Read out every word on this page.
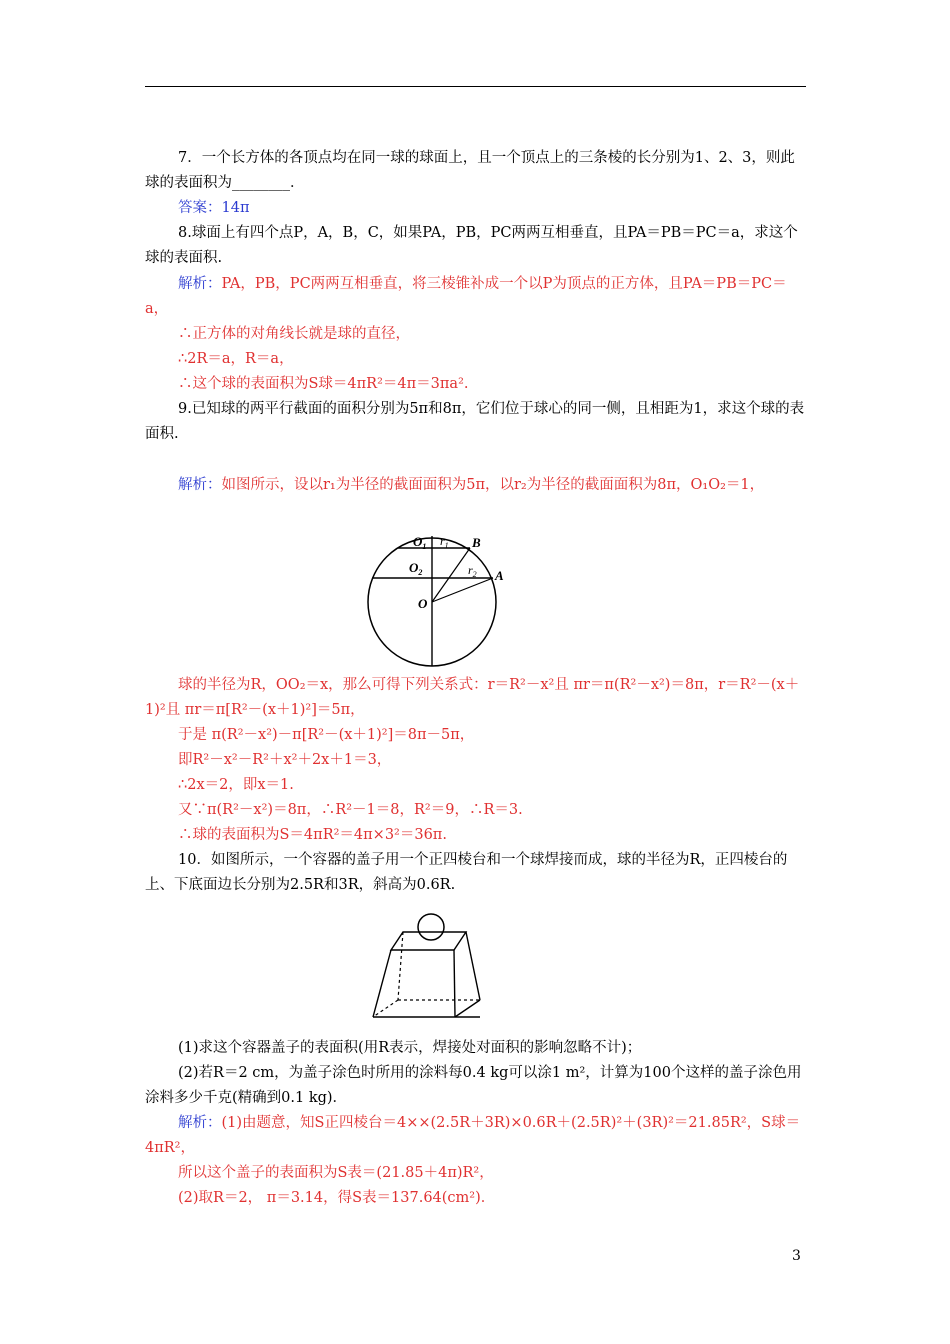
7．一个长方体的各顶点均在同一球的球面上，且一个顶点上的三条棱的长分别为1、2、3，则此球的表面积为________．

答案：14π

8.球面上有四个点P，A，B，C，如果PA，PB，PC两两互相垂直，且PA＝PB＝PC＝a，求这个球的表面积.

解析：PA，PB，PC两两互相垂直，将三棱锥补成一个以P为顶点的正方体，且PA＝PB＝PC＝a，

∴正方体的对角线长就是球的直径，

∴2R＝a，R＝a，

∴这个球的表面积为S球＝4πR²＝4π＝3πa².

9.已知球的两平行截面的面积分别为5π和8π，它们位于球心的同一侧，且相距为1，求这个球的表面积.

解析：如图所示，设以r₁为半径的截面面积为5π，以r₂为半径的截面面积为8π，O₁O₂＝1，

$O_1$ $r_1$ B
$O_2$	$r_2$ A
O

球的半径为R，OO₂＝x，那么可得下列关系式：r＝R²－x²且 πr＝π(R²－x²)＝8π，r＝R²－(x＋1)²且 πr＝π[R²－(x＋1)²]＝5π，

于是 π(R²－x²)－π[R²－(x＋1)²]＝8π－5π，

即R²－x²－R²＋x²＋2x＋1＝3，

∴2x＝2，即x＝1.

又∵π(R²－x²)＝8π，∴R²－1＝8，R²＝9，∴R＝3.

∴球的表面积为S＝4πR²＝4π×3²＝36π.

10．如图所示，一个容器的盖子用一个正四棱台和一个球焊接而成，球的半径为R，正四棱台的上、下底面边长分别为2.5R和3R，斜高为0.6R.

(1)求这个容器盖子的表面积(用R表示，焊接处对面积的影响忽略不计)；

(2)若R＝2 cm，为盖子涂色时所用的涂料每0.4 kg可以涂1 m²，计算为100个这样的盖子涂色用涂料多少千克(精确到0.1 kg)．

解析：(1)由题意，知S正四棱台＝4××(2.5R＋3R)×0.6R＋(2.5R)²＋(3R)²＝21.85R²，S球＝4πR²，

所以这个盖子的表面积为S表＝(21.85＋4π)R²，

(2)取R＝2， π＝3.14，得S表＝137.64(cm²)．

3
